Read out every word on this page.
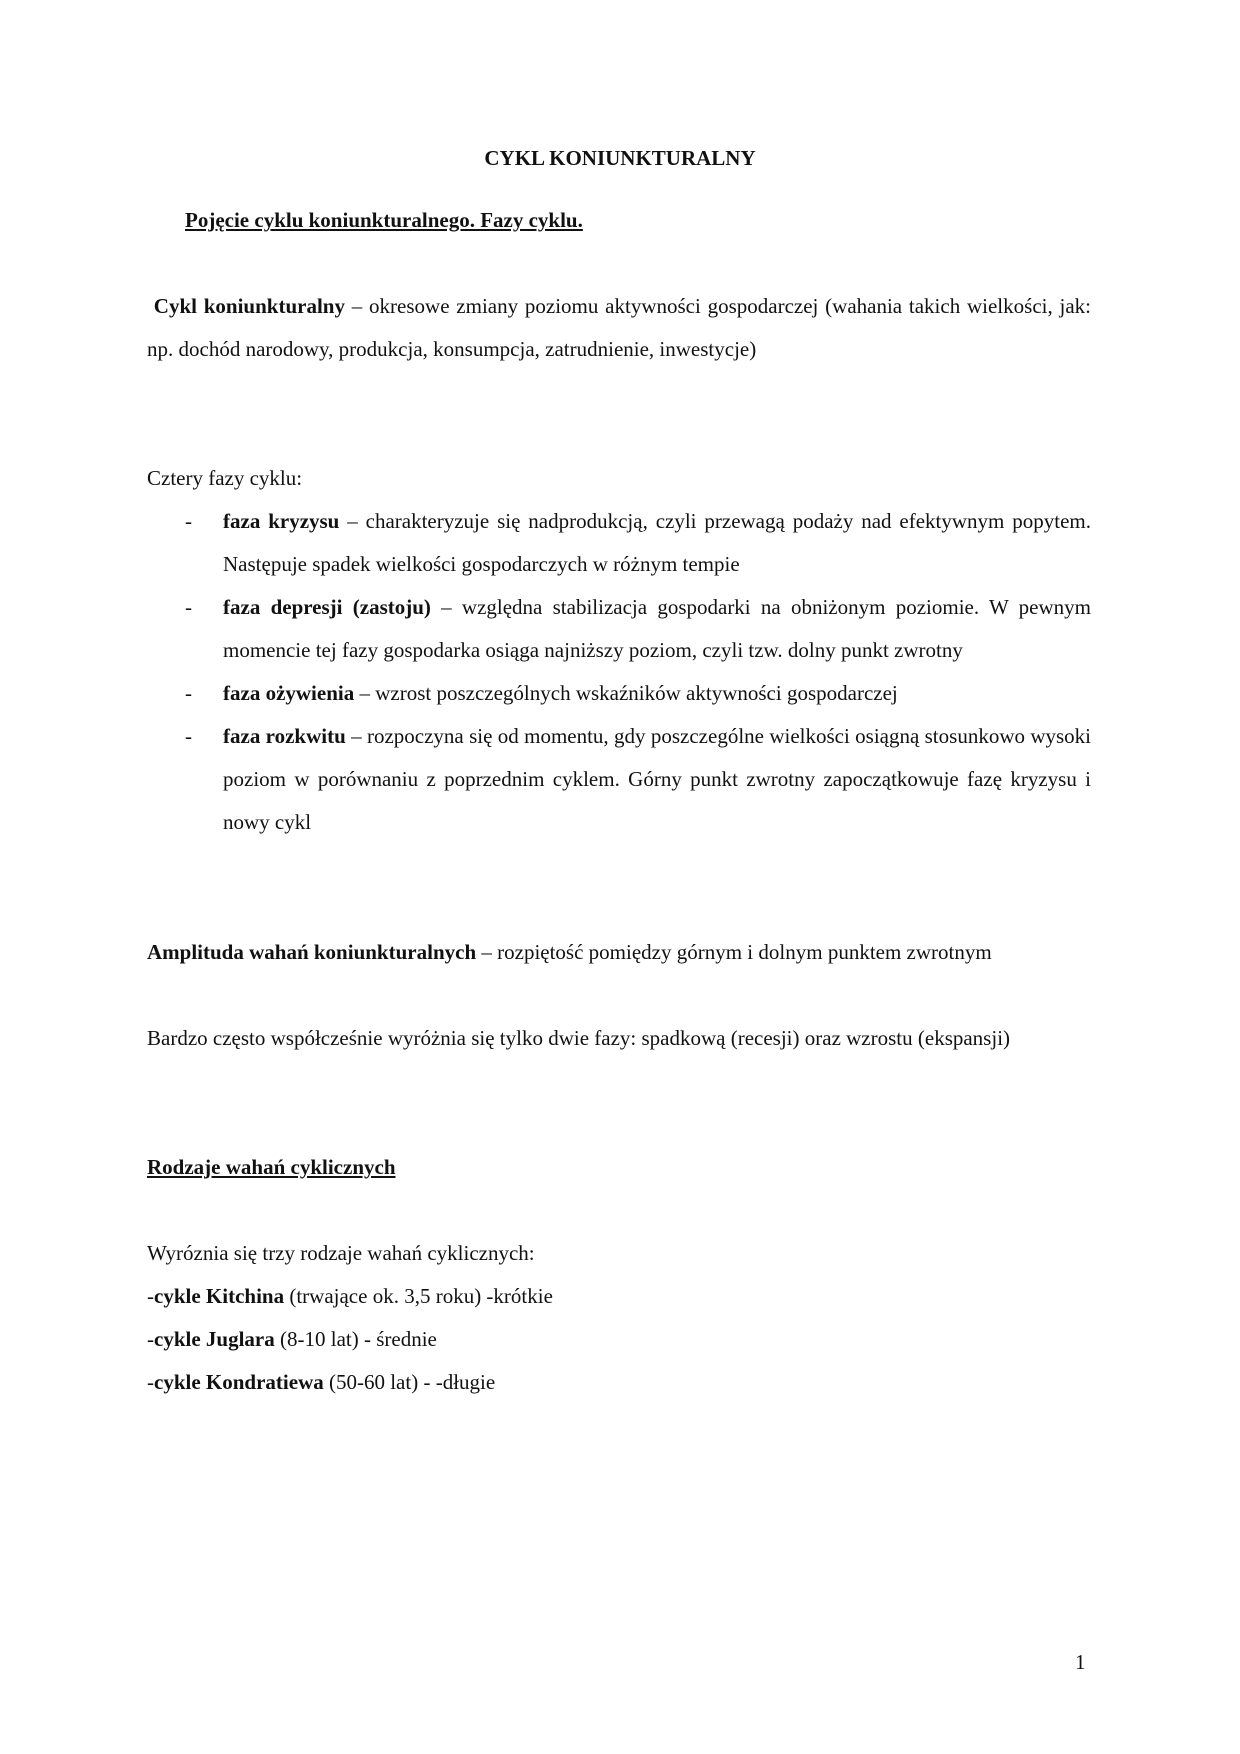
CYKL KONIUNKTURALNY
Pojęcie cyklu koniunkturalnego. Fazy cyklu.
Cykl koniunkturalny – okresowe zmiany poziomu aktywności gospodarczej (wahania takich wielkości, jak: np. dochód narodowy, produkcja, konsumpcja, zatrudnienie, inwestycje)
Cztery fazy cyklu:
- faza kryzysu – charakteryzuje się nadprodukcją, czyli przewagą podaży nad efektywnym popytem. Następuje spadek wielkości gospodarczych w różnym tempie
- faza depresji (zastoju) – względna stabilizacja gospodarki na obniżonym poziomie. W pewnym momencie tej fazy gospodarka osiąga najniższy poziom, czyli tzw. dolny punkt zwrotny
- faza ożywienia – wzrost poszczególnych wskaźników aktywności gospodarczej
- faza rozkwitu – rozpoczyna się od momentu, gdy poszczególne wielkości osiągną stosunkowo wysoki poziom w porównaniu z poprzednim cyklem. Górny punkt zwrotny zapoczątkowuje fazę kryzysu i nowy cykl
Amplituda wahań koniunkturalnych – rozpiętość pomiędzy górnym i dolnym punktem zwrotnym
Bardzo często współcześnie wyróżnia się tylko dwie fazy: spadkową (recesji) oraz wzrostu (ekspansji)
Rodzaje wahań cyklicznych
Wyróznia się trzy rodzaje wahań cyklicznych:
-cykle Kitchina (trwające ok. 3,5 roku) -krótkie
-cykle Juglara (8-10 lat) - średnie
-cykle Kondratiewa (50-60 lat) - -długie
1
